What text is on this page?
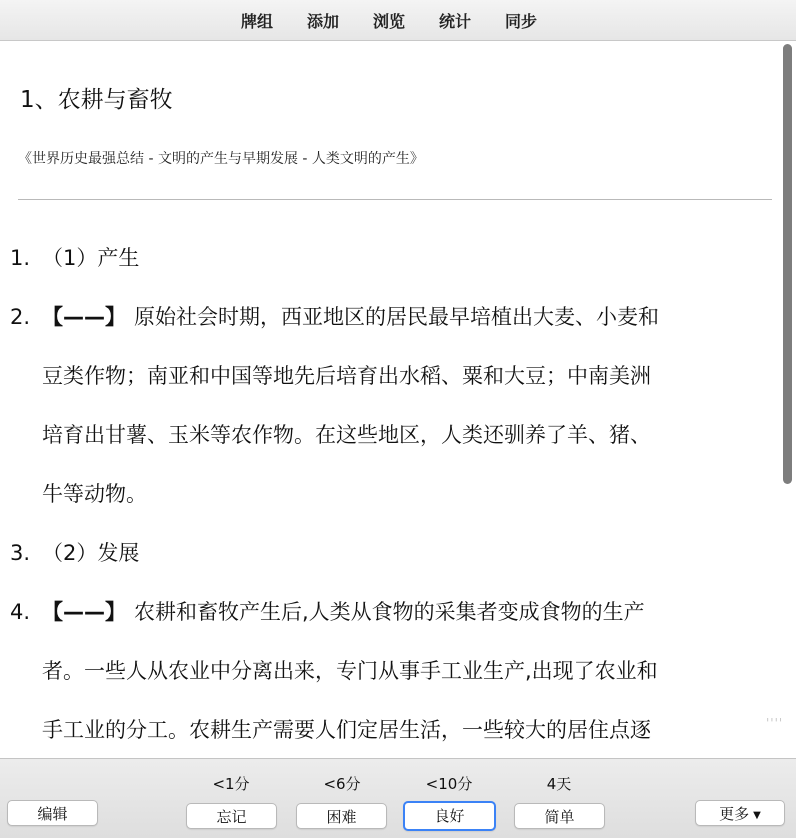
牌组	添加	浏览	统计	同步
1、农耕与畜牧
《世界历史最强总结 - 文明的产生与早期发展 - 人类文明的产生》
1. （1）产生
2. 【——】 原始社会时期，西亚地区的居民最早培植出大麦、小麦和
豆类作物；南亚和中国等地先后培育出水稻、粟和大豆；中南美洲
培育出甘薯、玉米等农作物。在这些地区，人类还驯养了羊、猪、
牛等动物。
3. （2）发展
4. 【——】 农耕和畜牧产生后,人类从食物的采集者变成食物的生产
者。一些人从农业中分离出来，专门从事手工业生产,出现了农业和
手工业的分工。农耕生产需要人们定居生活，一些较大的居住点逐	''''
<1分	<6分	<10分	4天
编辑	忘记	困难	良好	简单	更多 ▼
